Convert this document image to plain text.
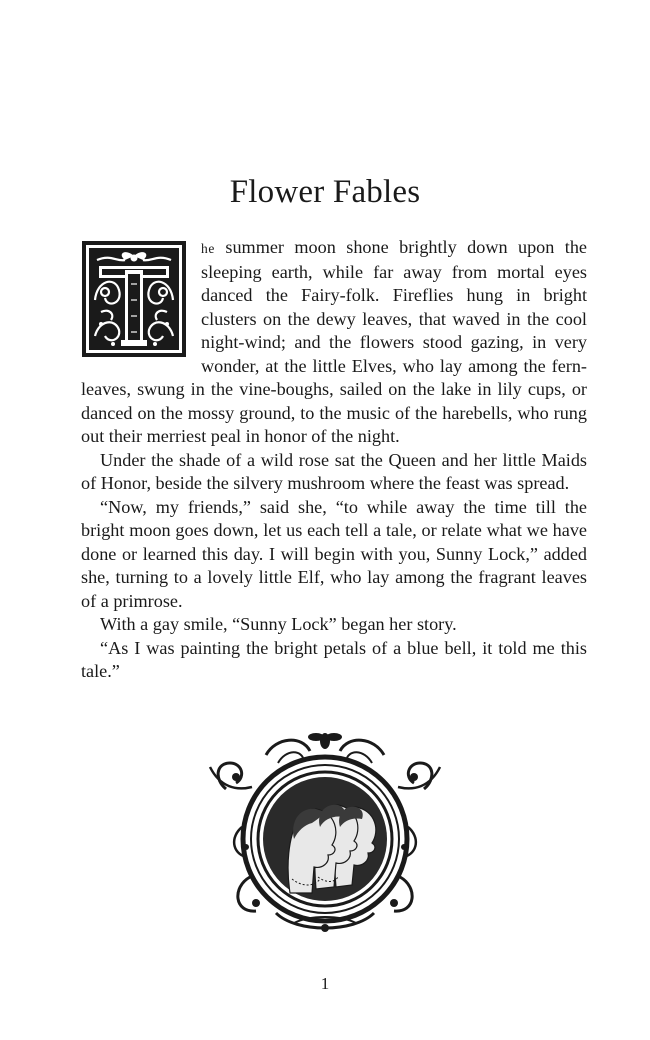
Flower Fables

he summer moon shone brightly down upon the sleeping earth, while far away from mortal eyes danced the Fairy-folk. Fireflies hung in bright clusters on the dewy leaves, that waved in the cool night-wind; and the flowers stood gazing, in very wonder, at the little Elves, who lay among the fern-leaves, swung in the vine-boughs, sailed on the lake in lily cups, or danced on the mossy ground, to the music of the harebells, who rung out their merriest peal in honor of the night.

Under the shade of a wild rose sat the Queen and her little Maids of Honor, beside the silvery mushroom where the feast was spread.

“Now, my friends,” said she, “to while away the time till the bright moon goes down, let us each tell a tale, or relate what we have done or learned this day. I will begin with you, Sunny Lock,” added she, turning to a lovely little Elf, who lay among the fragrant leaves of a primrose.

With a gay smile, “Sunny Lock” began her story.

“As I was painting the bright petals of a blue bell, it told me this tale.”

1
